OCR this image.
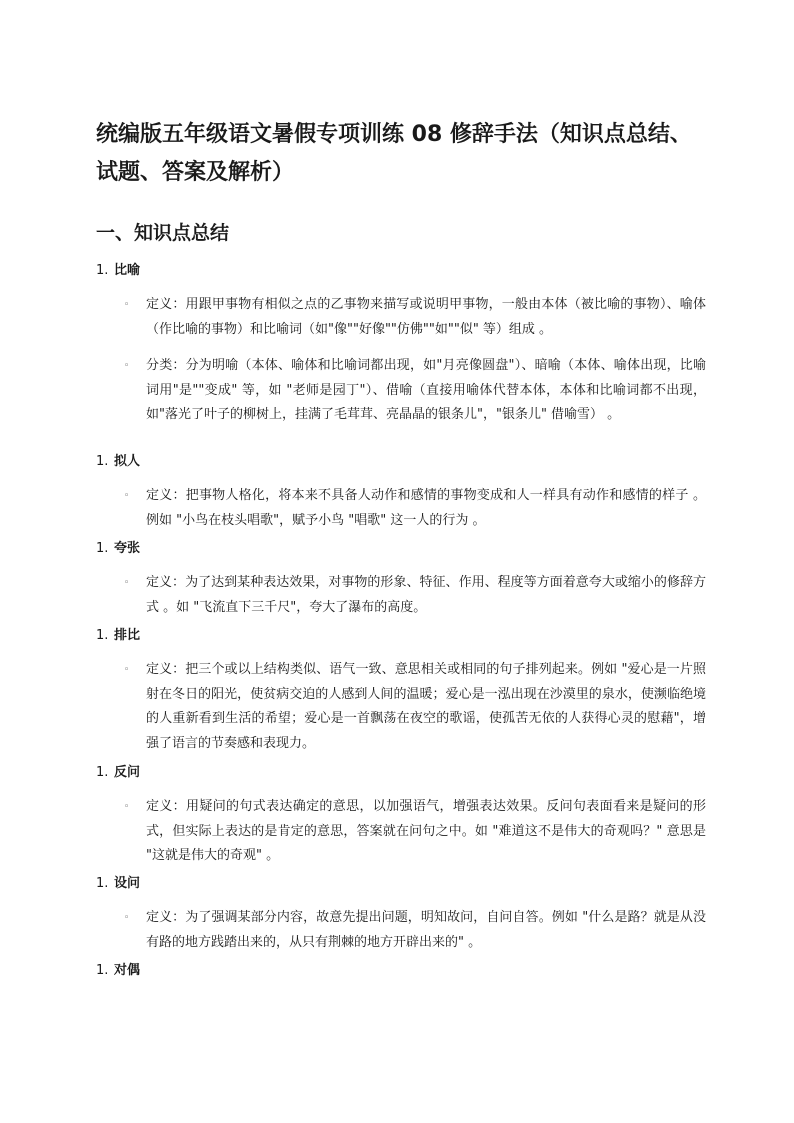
统编版五年级语文暑假专项训练 08 修辞手法（知识点总结、试题、答案及解析）
一、知识点总结
1. 比喻
◦ 定义：用跟甲事物有相似之点的乙事物来描写或说明甲事物，一般由本体（被比喻的事物）、喻体（作比喻的事物）和比喻词（如"像""好像""仿佛""如""似" 等）组成 。
◦ 分类：分为明喻（本体、喻体和比喻词都出现，如"月亮像圆盘"）、暗喻（本体、喻体出现，比喻词用"是""变成" 等，如 "老师是园丁"）、借喻（直接用喻体代替本体，本体和比喻词都不出现，如"落光了叶子的柳树上，挂满了毛茸茸、亮晶晶的银条儿"，"银条儿" 借喻雪） 。
1. 拟人
◦ 定义：把事物人格化，将本来不具备人动作和感情的事物变成和人一样具有动作和感情的样子 。例如 "小鸟在枝头唱歌"，赋予小鸟 "唱歌" 这一人的行为 。
1. 夸张
◦ 定义：为了达到某种表达效果，对事物的形象、特征、作用、程度等方面着意夸大或缩小的修辞方式 。如 "飞流直下三千尺"，夸大了瀑布的高度。
1. 排比
◦ 定义：把三个或以上结构类似、语气一致、意思相关或相同的句子排列起来。例如 "爱心是一片照射在冬日的阳光，使贫病交迫的人感到人间的温暖；爱心是一泓出现在沙漠里的泉水，使濒临绝境的人重新看到生活的希望；爱心是一首飘荡在夜空的歌谣，使孤苦无依的人获得心灵的慰藉"，增强了语言的节奏感和表现力。
1. 反问
◦ 定义：用疑问的句式表达确定的意思，以加强语气，增强表达效果。反问句表面看来是疑问的形式，但实际上表达的是肯定的意思，答案就在问句之中。如 "难道这不是伟大的奇观吗？" 意思是 "这就是伟大的奇观" 。
1. 设问
◦ 定义：为了强调某部分内容，故意先提出问题，明知故问，自问自答。例如 "什么是路？就是从没有路的地方践踏出来的，从只有荆棘的地方开辟出来的" 。
1. 对偶
